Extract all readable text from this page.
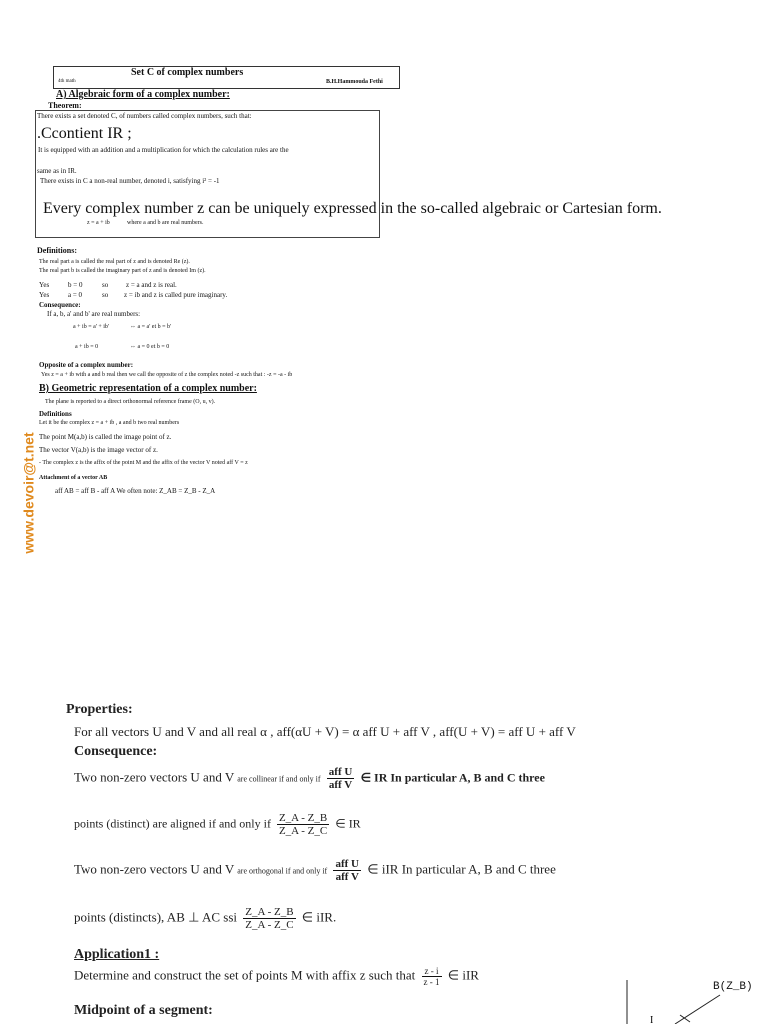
Set C of complex numbers
4th math	B.H.Hammouda Fethi
A) Algebraic form of a complex number:
Theorem:
There exists a set denoted C, of numbers called complex numbers, such that:
.Ccontient IR ;
It is equipped with an addition and a multiplication for which the calculation rules are the
same as in IR.
There exists in C a non-real number, denoted i, satisfying i² = -1
Every complex number z can be uniquely expressed in the so-called algebraic or Cartesian form.
z = a + ib	where a and b are real numbers.
Definitions:
The real part a is called the real part of z and is denoted Re (z).
The real part b is called the imaginary part of z and is denoted Im (z).
Yes	b = 0	so	z = a and z is real.
Yes	a = 0	so z = ib and z is called pure imaginary.
Consequence:
If a, b, a' and b' are real numbers:
a + ib = a' + ib'	⇔ a = a' et b = b'
a + ib = 0	⇔ a = 0 et b = 0
Opposite of a complex number:
Yes z = a + ib with a and b real then we call the opposite of z the complex noted -z such that : -z = -a - ib
B) Geometric representation of a complex number:
The plane is reported to a direct orthonormal reference frame (O, u, v).
Definitions
Let it be the complex z = a + ib , a and b two real numbers
The point M(a,b) is called the image point of z.
The vector V(a,b) is the image vector of z.
- The complex z is the affix of the point M and the affix of the vector V noted aff V = z
Attachment of a vector AB
aff AB = aff B - aff A We often note: Z_AB = Z_B - Z_A
www.devoir@t.net
Properties:
For all vectors U and V and all real α , aff(αU + V) = α aff U + aff V , aff(U + V) = aff U + aff V
Consequence:
Two non-zero vectors U and V are collinear if and only if $\frac{\text{aff U}}{\text{aff V}}$ ∈ IR In particular A, B and C three
points (distinct) are aligned if and only if $\frac{Z\_A - Z\_B}{Z\_A - Z\_C}$ ∈ IR
Two non-zero vectors U and V are orthogonal if and only if $\frac{\text{aff U}}{\text{aff V}}$ ∈ iIR In particular A, B and C three
points (distincts), AB ⊥ AC ssi $\frac{Z\_A - Z\_B}{Z\_A - Z\_C}$ ∈ iIR.
Application1 :
Determine and construct the set of points M with affix z such that $\frac{z - i}{z - 1}$ ∈ iIR
Midpoint of a segment:
I
B(Z_B)
